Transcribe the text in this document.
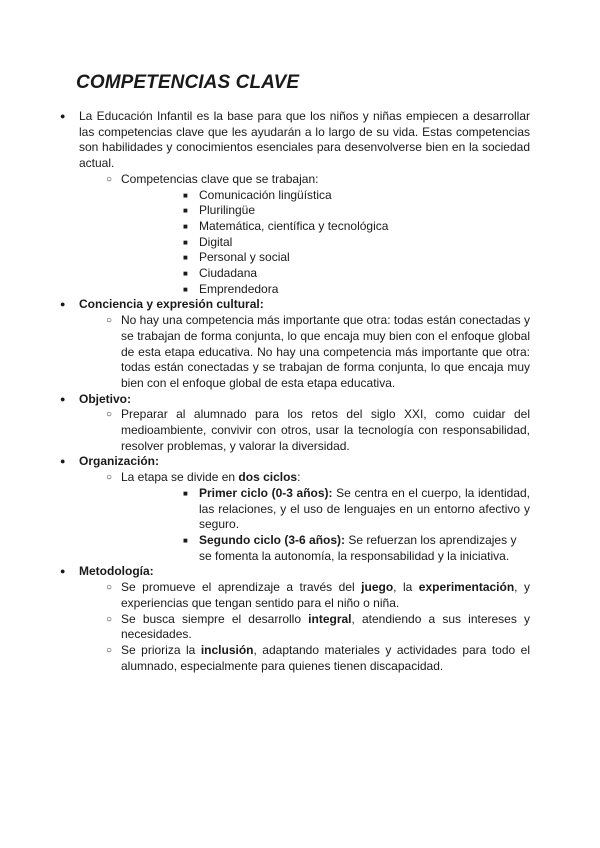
COMPETENCIAS CLAVE
● La Educación Infantil es la base para que los niños y niñas empiecen a desarrollar las competencias clave que les ayudarán a lo largo de su vida. Estas competencias son habilidades y conocimientos esenciales para desenvolverse bien en la sociedad actual.
○ Competencias clave que se trabajan:
■ Comunicación lingüística
■ Plurilingüe
■ Matemática, científica y tecnológica
■ Digital
■ Personal y social
■ Ciudadana
■ Emprendedora
● Conciencia y expresión cultural:
○ No hay una competencia más importante que otra: todas están conectadas y se trabajan de forma conjunta, lo que encaja muy bien con el enfoque global de esta etapa educativa. No hay una competencia más importante que otra: todas están conectadas y se trabajan de forma conjunta, lo que encaja muy bien con el enfoque global de esta etapa educativa.
● Objetivo:
○ Preparar al alumnado para los retos del siglo XXI, como cuidar del medioambiente, convivir con otros, usar la tecnología con responsabilidad, resolver problemas, y valorar la diversidad.
● Organización:
○ La etapa se divide en dos ciclos:
■ Primer ciclo (0-3 años): Se centra en el cuerpo, la identidad, las relaciones, y el uso de lenguajes en un entorno afectivo y seguro.
■ Segundo ciclo (3-6 años): Se refuerzan los aprendizajes y se fomenta la autonomía, la responsabilidad y la iniciativa.
● Metodología:
○ Se promueve el aprendizaje a través del juego, la experimentación, y experiencias que tengan sentido para el niño o niña.
○ Se busca siempre el desarrollo integral, atendiendo a sus intereses y necesidades.
○ Se prioriza la inclusión, adaptando materiales y actividades para todo el alumnado, especialmente para quienes tienen discapacidad.
